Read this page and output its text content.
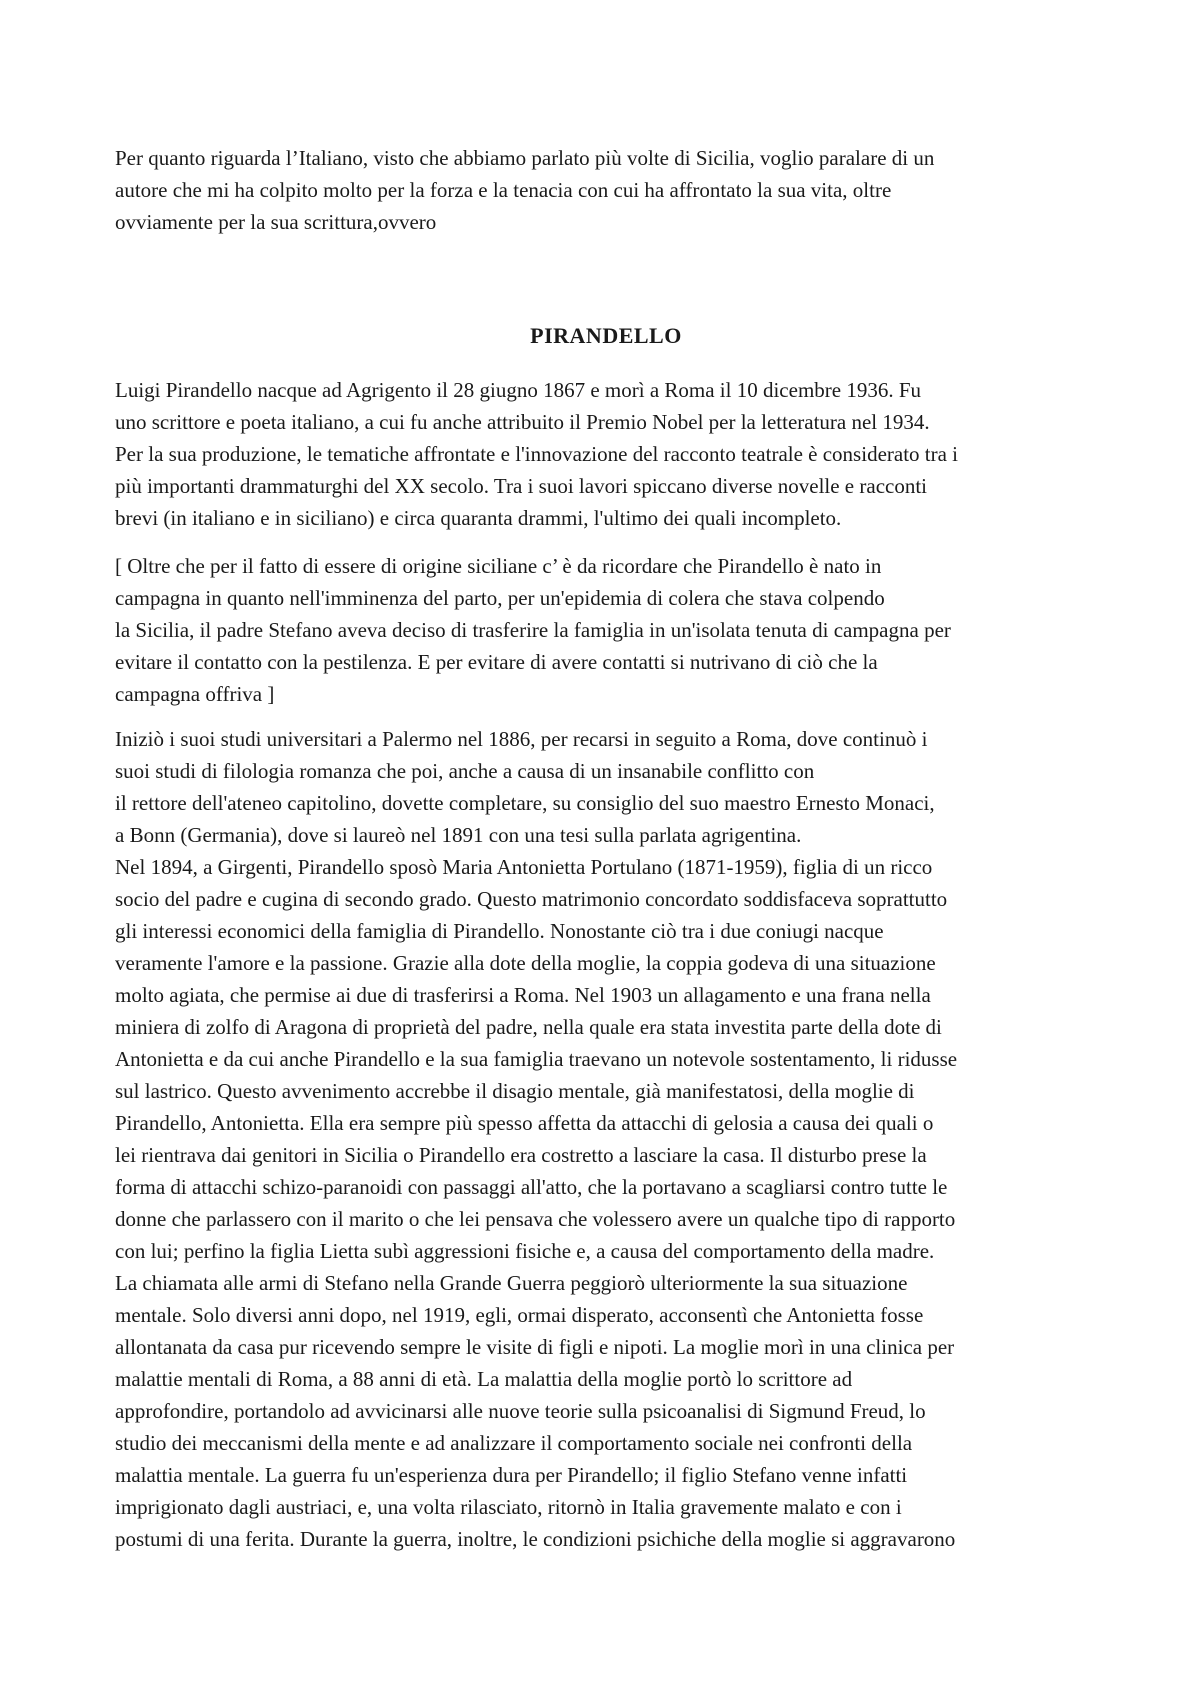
Per quanto riguarda l’Italiano, visto che abbiamo parlato più volte di Sicilia, voglio paralare di un
autore che mi ha colpito molto per la forza e la tenacia con cui ha affrontato la sua vita, oltre
ovviamente per la sua scrittura,ovvero
PIRANDELLO
Luigi Pirandello nacque ad Agrigento il 28 giugno 1867 e morì a Roma il 10 dicembre 1936. Fu
uno scrittore e poeta italiano, a cui fu anche attribuito il Premio Nobel per la letteratura nel 1934.
Per la sua produzione, le tematiche affrontate e l'innovazione del racconto teatrale è considerato tra i
più importanti drammaturghi del XX secolo. Tra i suoi lavori spiccano diverse novelle e racconti
brevi (in italiano e in siciliano) e circa quaranta drammi, l'ultimo dei quali incompleto.
[ Oltre che per il fatto di essere di origine siciliane c’ è da ricordare che Pirandello è nato in
campagna in quanto nell'imminenza del parto, per un'epidemia di colera che stava colpendo
la Sicilia, il padre Stefano aveva deciso di trasferire la famiglia in un'isolata tenuta di campagna per
evitare il contatto con la pestilenza. E per evitare di avere contatti si nutrivano di ciò che la
campagna offriva ]
Iniziò i suoi studi universitari a Palermo nel 1886, per recarsi in seguito a Roma, dove continuò i
suoi studi di filologia romanza che poi, anche a causa di un insanabile conflitto con
il rettore dell'ateneo capitolino, dovette completare, su consiglio del suo maestro Ernesto Monaci,
a Bonn (Germania), dove si laureò nel 1891 con una tesi sulla parlata agrigentina.
Nel 1894, a Girgenti, Pirandello sposò Maria Antonietta Portulano (1871-1959), figlia di un ricco
socio del padre e cugina di secondo grado. Questo matrimonio concordato soddisfaceva soprattutto
gli interessi economici della famiglia di Pirandello. Nonostante ciò tra i due coniugi nacque
veramente l'amore e la passione. Grazie alla dote della moglie, la coppia godeva di una situazione
molto agiata, che permise ai due di trasferirsi a Roma. Nel 1903 un allagamento e una frana nella
miniera di zolfo di Aragona di proprietà del padre, nella quale era stata investita parte della dote di
Antonietta e da cui anche Pirandello e la sua famiglia traevano un notevole sostentamento, li ridusse
sul lastrico. Questo avvenimento accrebbe il disagio mentale, già manifestatosi, della moglie di
Pirandello, Antonietta. Ella era sempre più spesso affetta da attacchi di gelosia a causa dei quali o
lei rientrava dai genitori in Sicilia o Pirandello era costretto a lasciare la casa. Il disturbo prese la
forma di attacchi schizo-paranoidi con passaggi all'atto, che la portavano a scagliarsi contro tutte le
donne che parlassero con il marito o che lei pensava che volessero avere un qualche tipo di rapporto
con lui; perfino la figlia Lietta subì aggressioni fisiche e, a causa del comportamento della madre.
La chiamata alle armi di Stefano nella Grande Guerra peggiorò ulteriormente la sua situazione
mentale. Solo diversi anni dopo, nel 1919, egli, ormai disperato, acconsentì che Antonietta fosse
allontanata da casa pur ricevendo sempre le visite di figli e nipoti. La moglie morì in una clinica per
malattie mentali di Roma, a 88 anni di età. La malattia della moglie portò lo scrittore ad
approfondire, portandolo ad avvicinarsi alle nuove teorie sulla psicoanalisi di Sigmund Freud, lo
studio dei meccanismi della mente e ad analizzare il comportamento sociale nei confronti della
malattia mentale. La guerra fu un'esperienza dura per Pirandello; il figlio Stefano venne infatti
imprigionato dagli austriaci, e, una volta rilasciato, ritornò in Italia gravemente malato e con i
postumi di una ferita. Durante la guerra, inoltre, le condizioni psichiche della moglie si aggravarono
